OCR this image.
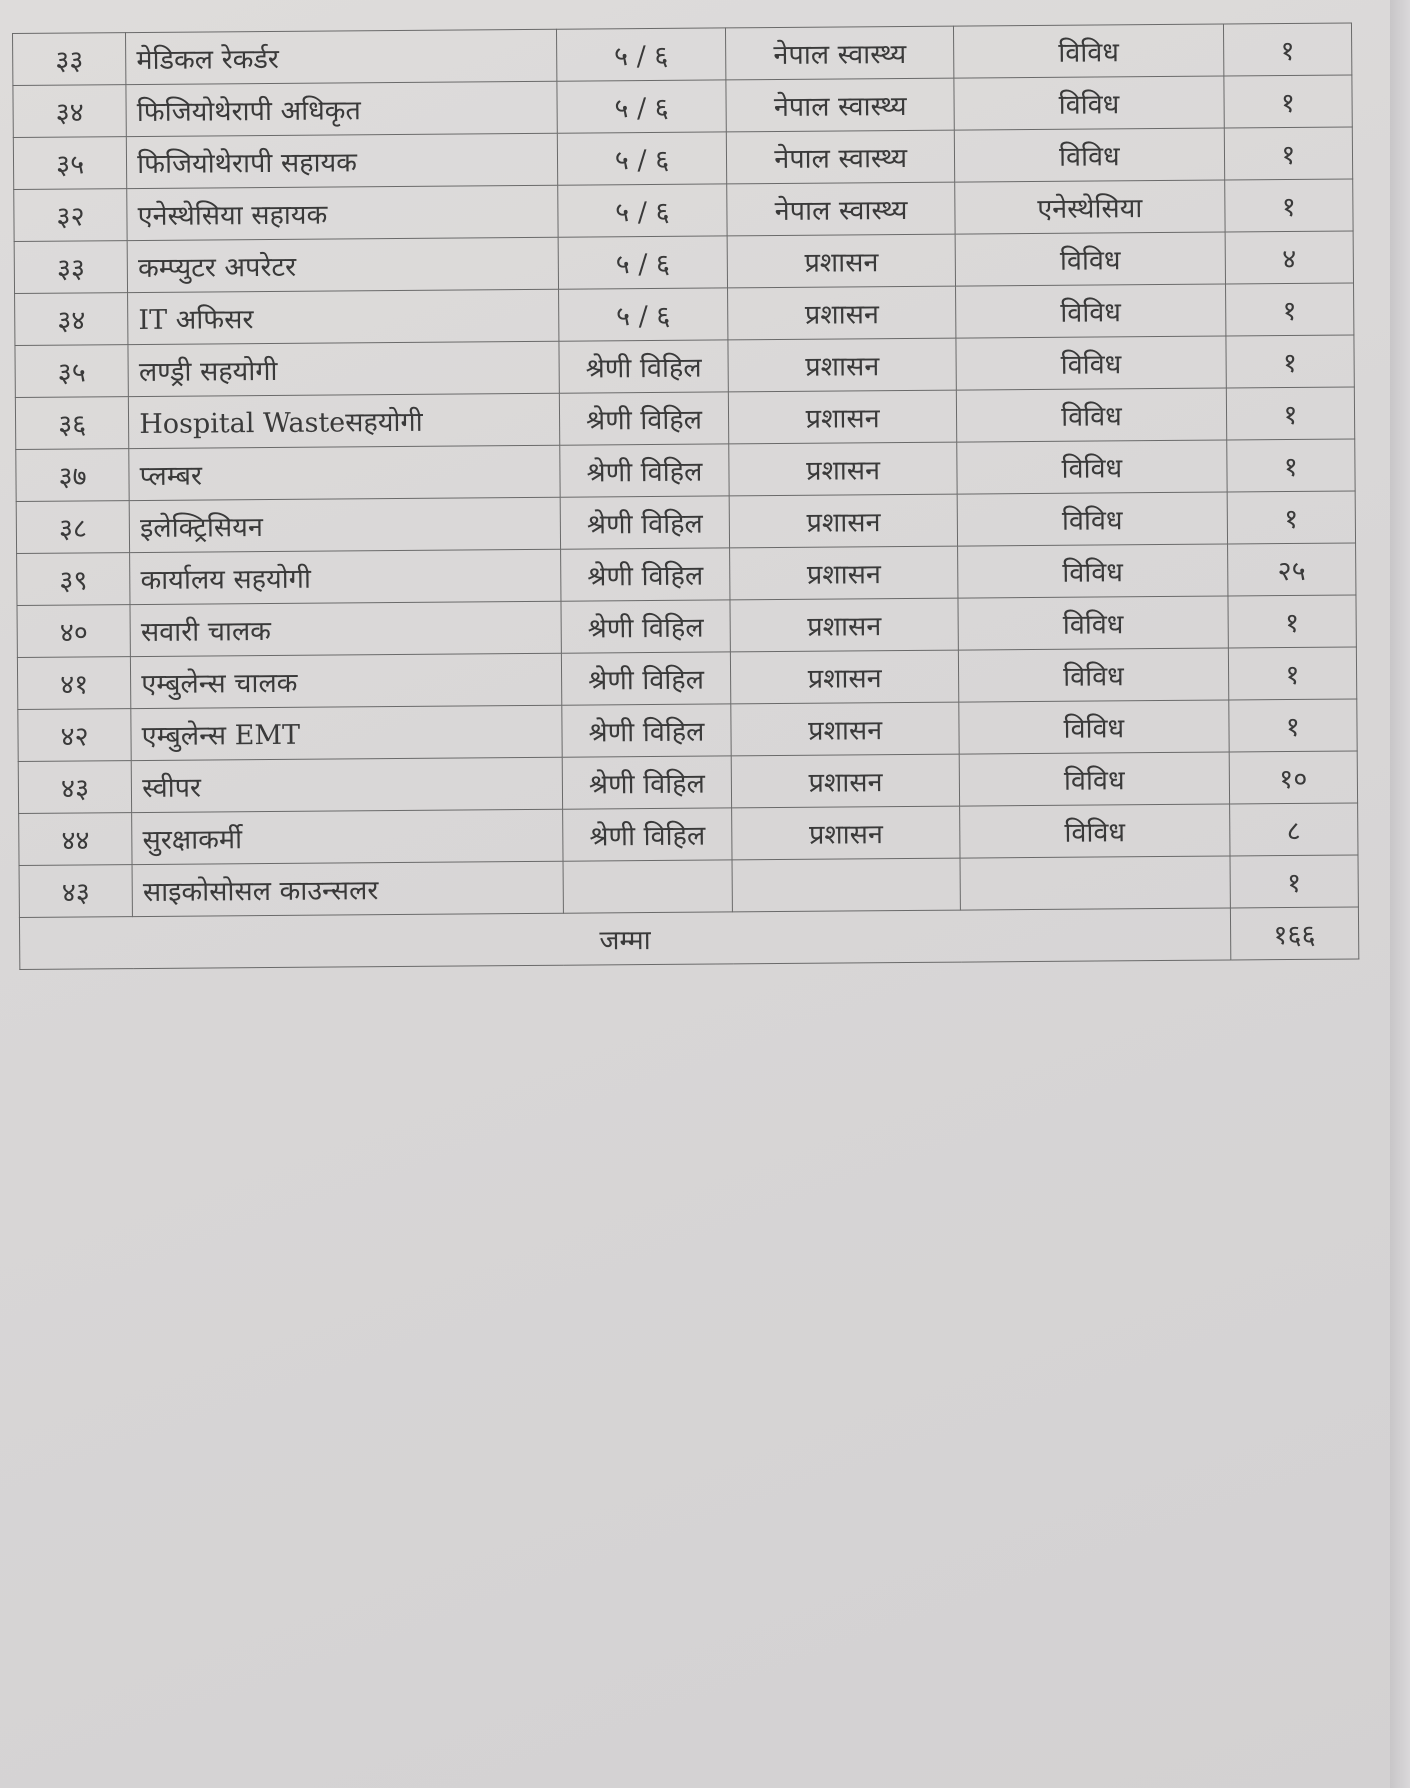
३३	मेडिकल रेकर्डर	५ / ६	नेपाल स्वास्थ्य	विविध	१
३४	फिजियोथेरापी अधिकृत	५ / ६	नेपाल स्वास्थ्य	विविध	१
३५	फिजियोथेरापी सहायक	५ / ६	नेपाल स्वास्थ्य	विविध	१
३२	एनेस्थेसिया सहायक	५ / ६	नेपाल स्वास्थ्य	एनेस्थेसिया	१
३३	कम्प्युटर अपरेटर	५ / ६	प्रशासन	विविध	४
३४	IT अफिसर	५ / ६	प्रशासन	विविध	१
३५	लण्ड्री सहयोगी	श्रेणी विहिल	प्रशासन	विविध	१
३६	Hospital Wasteसहयोगी	श्रेणी विहिल	प्रशासन	विविध	१
३७	प्लम्बर	श्रेणी विहिल	प्रशासन	विविध	१
३८	इलेक्ट्रिसियन	श्रेणी विहिल	प्रशासन	विविध	१
३९	कार्यालय सहयोगी	श्रेणी विहिल	प्रशासन	विविध	२५
४०	सवारी चालक	श्रेणी विहिल	प्रशासन	विविध	१
४१	एम्बुलेन्स चालक	श्रेणी विहिल	प्रशासन	विविध	१
४२	एम्बुलेन्स EMT	श्रेणी विहिल	प्रशासन	विविध	१
४३	स्वीपर	श्रेणी विहिल	प्रशासन	विविध	१०
४४	सुरक्षाकर्मी	श्रेणी विहिल	प्रशासन	विविध	८
४३	साइकोसोसल काउन्सलर				१
जम्मा					१६६
